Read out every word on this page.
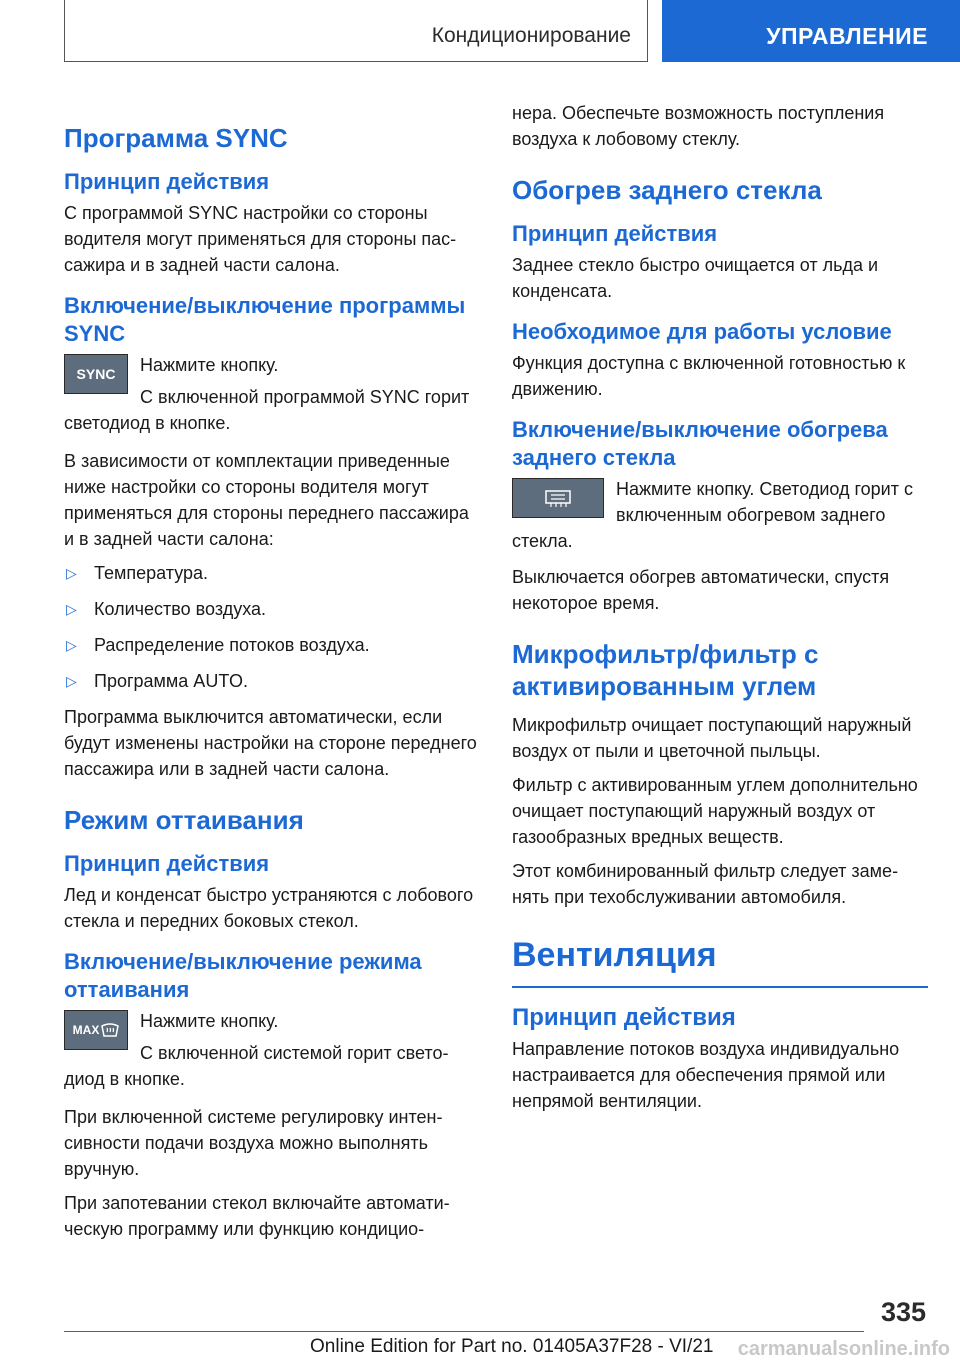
Кондиционирование	УПРАВЛЕНИЕ
Программа SYNC
Принцип действия

С программой SYNC настройки со стороны водителя могут применяться для стороны пассажира и в задней части салона.

Включение/выключение программы SYNC
SYNC	Нажмите кнопку.

С включенной программой SYNC горит светодиод в кнопке.

В зависимости от комплектации приведенные ниже настройки со стороны водителя могут применяться для стороны переднего пассажира и в задней части салона:

▷ Температура.
▷ Количество воздуха.
▷ Распределение потоков воздуха.
▷ Программа AUTO.

Программа выключится автоматически, если будут изменены настройки на стороне переднего пассажира или в задней части салона.

Режим оттаивания
Принцип действия

Лед и конденсат быстро устраняются с лобового стекла и передних боковых стекол.

Включение/выключение режима оттаивания
MAX	Нажмите кнопку.

С включенной системой горит светодиод в кнопке.

При включенной системе регулировку интенсивности подачи воздуха можно выполнять вручную.

При запотевании стекол включайте автоматическую программу или функцию кондицио-

нера. Обеспечьте возможность поступления воздуха к лобовому стеклу.

Обогрев заднего стекла
Принцип действия

Заднее стекло быстро очищается от льда и конденсата.

Необходимое для работы условие

Функция доступна с включенной готовностью к движению.

Включение/выключение обогрева заднего стекла

Нажмите кнопку. Светодиод горит с включенным обогревом заднего стекла.

Выключается обогрев автоматически, спустя некоторое время.

Микрофильтр/фильтр с активированным углем

Микрофильтр очищает поступающий наружный воздух от пыли и цветочной пыльцы.

Фильтр с активированным углем дополнительно очищает поступающий наружный воздух от газообразных вредных веществ.

Этот комбинированный фильтр следует заменять при техобслуживании автомобиля.

Вентиляция
Принцип действия

Направление потоков воздуха индивидуально настраивается для обеспечения прямой или непрямой вентиляции.

335
Online Edition for Part no. 01405A37F28 - VI/21 carmanualsonline.info
